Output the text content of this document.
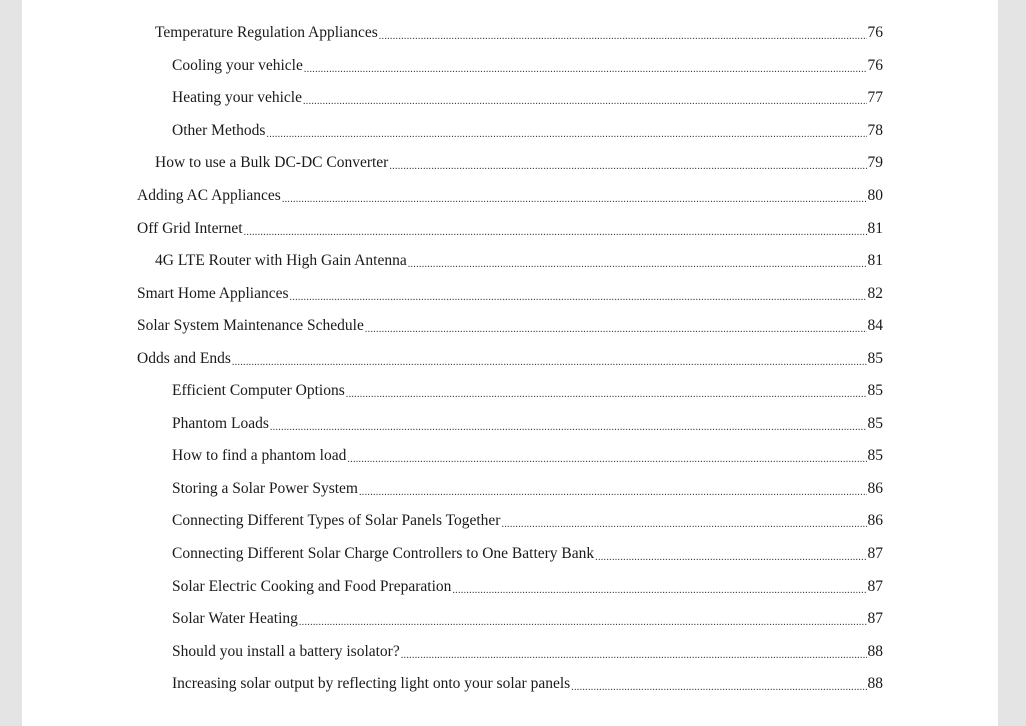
Temperature Regulation Appliances .....	76
Cooling your vehicle .....	76
Heating your vehicle .....	77
Other Methods .....	78
How to use a Bulk DC-DC Converter .....	79
Adding AC Appliances .....	80
Off Grid Internet .....	81
4G LTE Router with High Gain Antenna .....	81
Smart Home Appliances .....	82
Solar System Maintenance Schedule .....	84
Odds and Ends .....	85
Efficient Computer Options .....	85
Phantom Loads .....	85
How to find a phantom load .....	85
Storing a Solar Power System .....	86
Connecting Different Types of Solar Panels Together .....	86
Connecting Different Solar Charge Controllers to One Battery Bank .....	87
Solar Electric Cooking and Food Preparation .....	87
Solar Water Heating .....	87
Should you install a battery isolator? .....	88
Increasing solar output by reflecting light onto your solar panels .....	88
